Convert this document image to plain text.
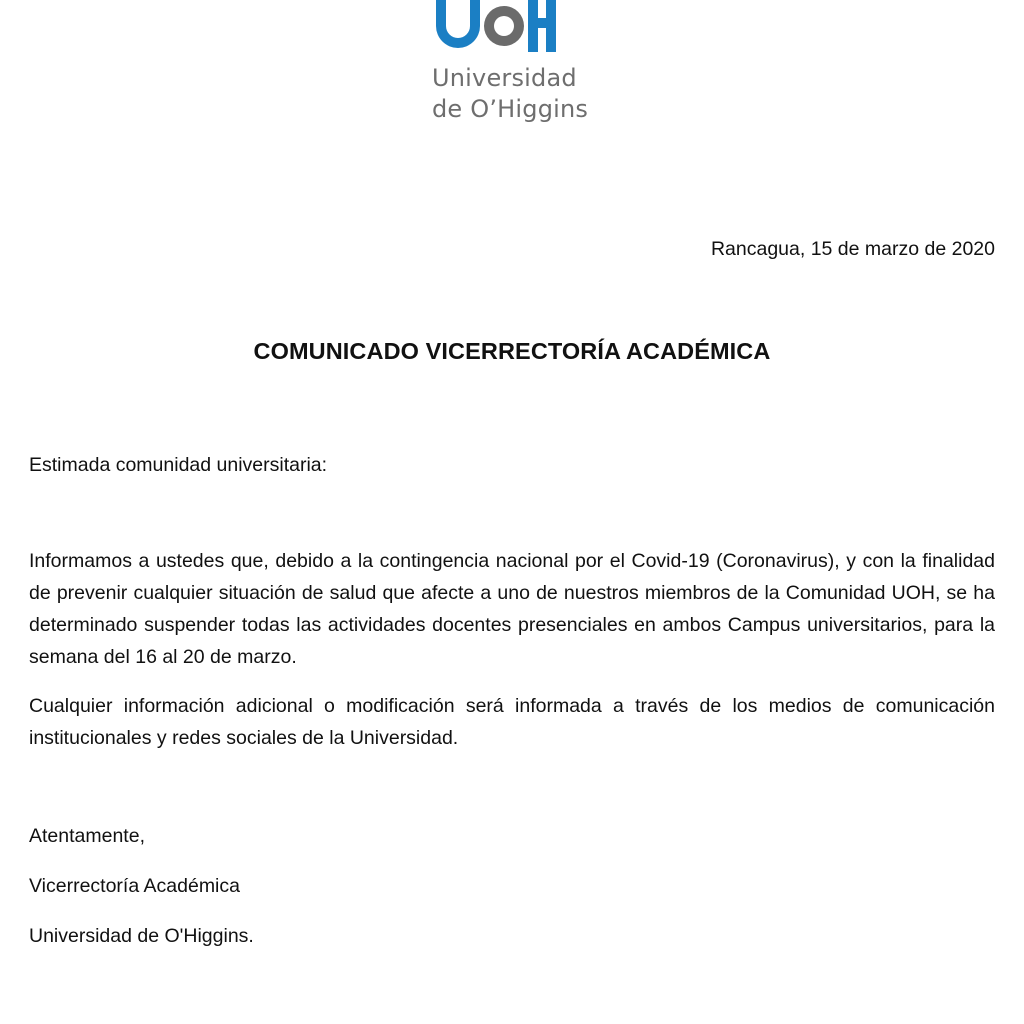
Universidad
de O’Higgins
Rancagua, 15 de marzo de 2020
COMUNICADO VICERRECTORÍA ACADÉMICA
Estimada comunidad universitaria:
Informamos a ustedes que, debido a la contingencia nacional por el Covid-19 (Coronavirus), y con la finalidad de prevenir cualquier situación de salud que afecte a uno de nuestros miembros de la Comunidad UOH, se ha determinado suspender todas las actividades docentes presenciales en ambos Campus universitarios, para la semana del 16 al 20 de marzo.
Cualquier información adicional o modificación será informada a través de los medios de comunicación institucionales y redes sociales de la Universidad.
Atentamente,
Vicerrectoría Académica
Universidad de O'Higgins.
